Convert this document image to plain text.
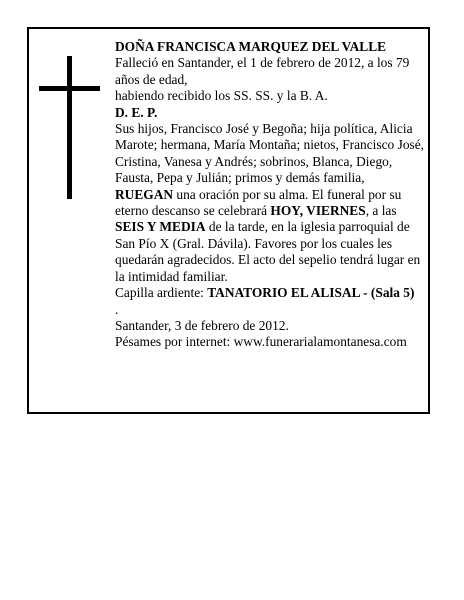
DOÑA FRANCISCA MARQUEZ DEL VALLE

Falleció en Santander, el 1 de febrero de 2012, a los 79 años de edad,

habiendo recibido los SS. SS. y la B. A.

D. E. P.

Sus hijos, Francisco José y Begoña; hija política, Alicia Marote; hermana, María Montaña; nietos, Francisco José, Cristina, Vanesa y Andrés; sobrinos, Blanca, Diego, Fausta, Pepa y Julián; primos y demás familia, RUEGAN una oración por su alma. El funeral por su eterno descanso se celebrará HOY, VIERNES, a las SEIS Y MEDIA de la tarde, en la iglesia parroquial de San Pío X (Gral. Dávila). Favores por los cuales les quedarán agradecidos. El acto del sepelio tendrá lugar en la intimidad familiar.

Capilla ardiente: TANATORIO EL ALISAL - (Sala 5)

.

Santander, 3 de febrero de 2012.

Pésames por internet: www.funerarialamontanesa.com
